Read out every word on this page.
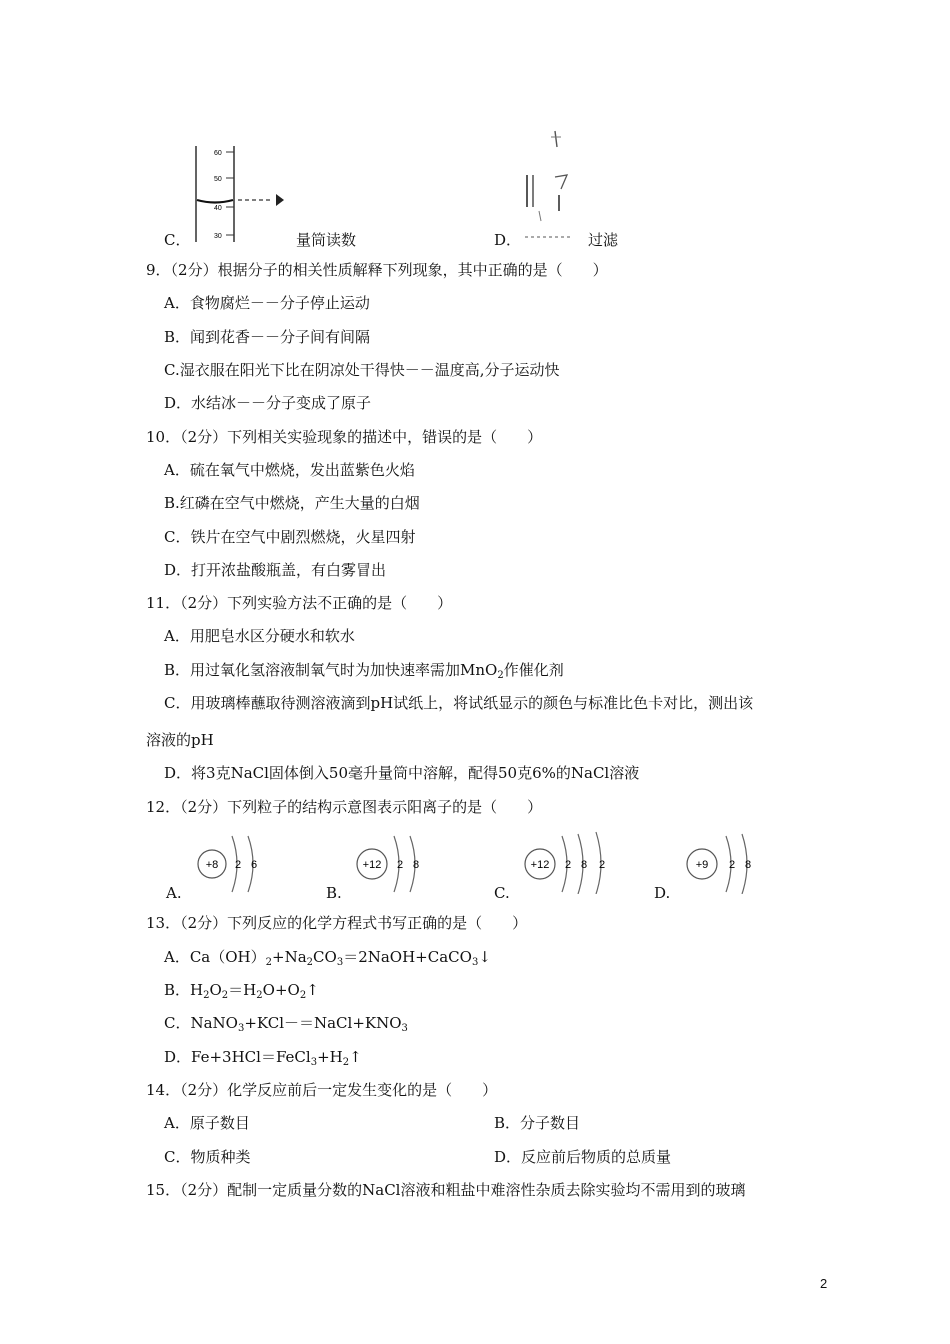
C．
60
50
40
30	量筒读数	D．	过滤
9．（2分）根据分子的相关性质解释下列现象，其中正确的是（　　）
A．食物腐烂－－分子停止运动
B．闻到花香－－分子间有间隔
C.湿衣服在阳光下比在阴凉处干得快－－温度高,分子运动快
D．水结冰－－分子变成了原子
10．（2分）下列相关实验现象的描述中，错误的是（　　）
A．硫在氧气中燃烧，发出蓝紫色火焰
B.红磷在空气中燃烧，产生大量的白烟
C．铁片在空气中剧烈燃烧，火星四射
D．打开浓盐酸瓶盖，有白雾冒出
11．（2分）下列实验方法不正确的是（　　）
A．用肥皂水区分硬水和软水
B．用过氧化氢溶液制氧气时为加快速率需加MnO$_2$作催化剂
C．用玻璃棒蘸取待测溶液滴到pH试纸上，将试纸显示的颜色与标准比色卡对比，测出该
溶液的pH
D．将3克NaCl固体倒入50毫升量筒中溶解，配得50克6%的NaCl溶液
12．（2分）下列粒子的结构示意图表示阳离子的是（　　）
A.
+8 2 6
B.
+12 2 8
C.
+12 2 8 2
D.
+9 2 8
13．（2分）下列反应的化学方程式书写正确的是（　　）
A．$Ca(OH)_2+Na_2CO_3=2NaOH+CaCO_3↓$
B．$H_2O_2=H_2O+O_2↑$
C．$NaNO_3+KCl-=NaCl+KNO_3$
D．$Fe+3HCl=FeCl_3+H_2↑$
14．（2分）化学反应前后一定发生变化的是（　　）
A．原子数目	B．分子数目
C．物质种类	D．反应前后物质的总质量
15．（2分）配制一定质量分数的NaCl溶液和粗盐中难溶性杂质去除实验均不需用到的玻璃
2
